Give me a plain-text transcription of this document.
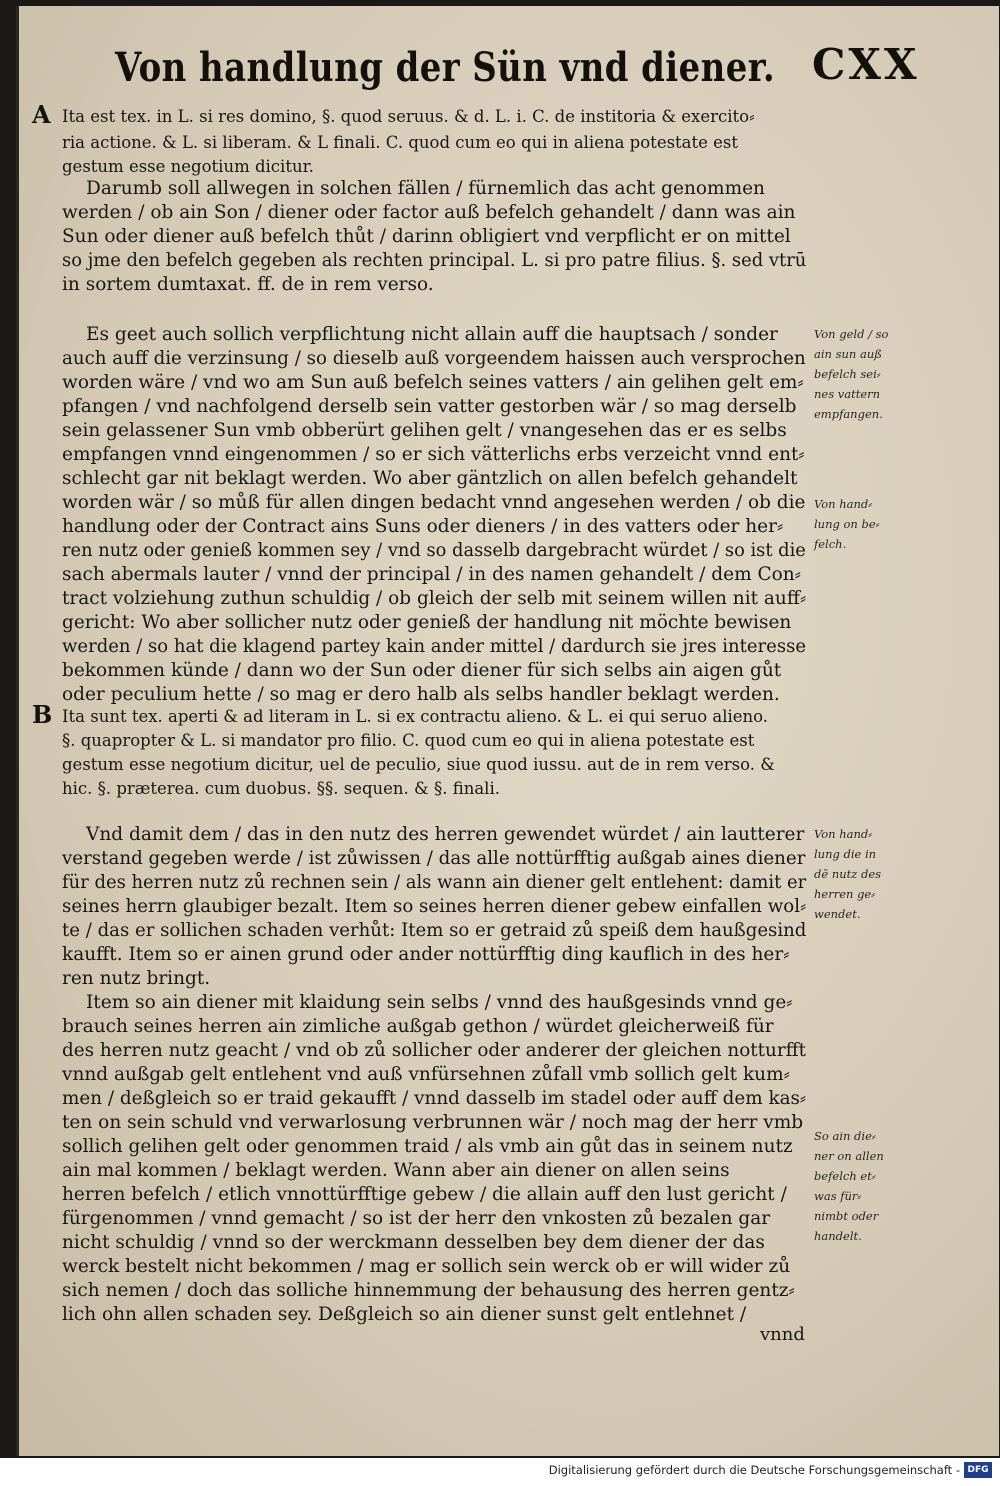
Von handlung der Sün vnd diener. CXX
A Ita est tex. in L. si res domino, §. quod seruus. & d. L. i. C. de institoria & exercito⸗
ria actione. & L. si liberam. & L finali. C. quod cum eo qui in aliena potestate est
gestum esse negotium dicitur.
Darumb soll allwegen in solchen fällen / fürnemlich das acht genommen
werden / ob ain Son / diener oder factor auß befelch gehandelt / dann was ain
Sun oder diener auß befelch thůt / darinn obligiert vnd verpflicht er on mittel
so jme den befelch gegeben als rechten principal. L. si pro patre filius. §. sed vtrū
in sortem dumtaxat. ff. de in rem verso.
Es geet auch sollich verpflichtung nicht allain auff die hauptsach / sonder
auch auff die verzinsung / so dieselb auß vorgeendem haissen auch versprochen
worden wäre / vnd wo am Sun auß befelch seines vatters / ain gelihen gelt em⸗
pfangen / vnd nachfolgend derselb sein vatter gestorben wär / so mag derselb
sein gelassener Sun vmb obberürt gelihen gelt / vnangesehen das er es selbs
empfangen vnnd eingenommen / so er sich vätterlichs erbs verzeicht vnnd ent⸗
schlecht gar nit beklagt werden. Wo aber gäntzlich on allen befelch gehandelt
worden wär / so můß für allen dingen bedacht vnnd angesehen werden / ob die
handlung oder der Contract ains Suns oder dieners / in des vatters oder her⸗
ren nutz oder genieß kommen sey / vnd so dasselb dargebracht würdet / so ist die
sach abermals lauter / vnnd der principal / in des namen gehandelt / dem Con⸗
tract volziehung zuthun schuldig / ob gleich der selb mit seinem willen nit auff⸗
gericht: Wo aber sollicher nutz oder genieß der handlung nit möchte bewisen
werden / so hat die klagend partey kain ander mittel / dardurch sie jres interesse
bekommen künde / dann wo der Sun oder diener für sich selbs ain aigen gůt
oder peculium hette / so mag er dero halb als selbs handler beklagt werden.
B Ita sunt tex. aperti & ad literam in L. si ex contractu alieno. & L. ei qui seruo alieno.
§. quapropter & L. si mandator pro filio. C. quod cum eo qui in aliena potestate est
gestum esse negotium dicitur, uel de peculio, siue quod iussu. aut de in rem verso. &
hic. §. præterea. cum duobus. §§. sequen. & §. finali.
Vnd damit dem / das in den nutz des herren gewendet würdet / ain lautterer
verstand gegeben werde / ist zůwissen / das alle nottürfftig außgab aines diener
für des herren nutz zů rechnen sein / als wann ain diener gelt entlehent: damit er
seines herrn glaubiger bezalt. Item so seines herren diener gebew einfallen wol⸗
te / das er sollichen schaden verhůt: Item so er getraid zů speiß dem haußgesind
kaufft. Item so er ainen grund oder ander nottürfftig ding kauflich in des her⸗
ren nutz bringt.
Item so ain diener mit klaidung sein selbs / vnnd des haußgesinds vnnd ge⸗
brauch seines herren ain zimliche außgab gethon / würdet gleicherweiß für
des herren nutz geacht / vnd ob zů sollicher oder anderer der gleichen notturfft
vnnd außgab gelt entlehent vnd auß vnfürsehnen zůfall vmb sollich gelt kum⸗
men / deßgleich so er traid gekaufft / vnnd dasselb im stadel oder auff dem kas⸗
ten on sein schuld vnd verwarlosung verbrunnen wär / noch mag der herr vmb
sollich gelihen gelt oder genommen traid / als vmb ain gůt das in seinem nutz
ain mal kommen / beklagt werden. Wann aber ain diener on allen seins
herren befelch / etlich vnnottürfftige gebew / die allain auff den lust gericht /
fürgenommen / vnnd gemacht / so ist der herr den vnkosten zů bezalen gar
nicht schuldig / vnnd so der werckmann desselben bey dem diener der das
werck bestelt nicht bekommen / mag er sollich sein werck ob er will wider zů
sich nemen / doch das solliche hinnemmung der behausung des herren gentz⸗
lich ohn allen schaden sey. Deßgleich so ain diener sunst gelt entlehnet /
vnnd
Von geld / so
ain sun auß
befelch sei⸗
nes vattern
empfangen.
Von hand⸗
lung on be⸗
felch.
Von hand⸗
lung die in
dē nutz des
herren ge⸗
wendet.
So ain die⸗
ner on allen
befelch et⸗
was für⸗
nimbt oder
handelt.
Digitalisierung gefördert durch die Deutsche Forschungsgemeinschaft - DFG
